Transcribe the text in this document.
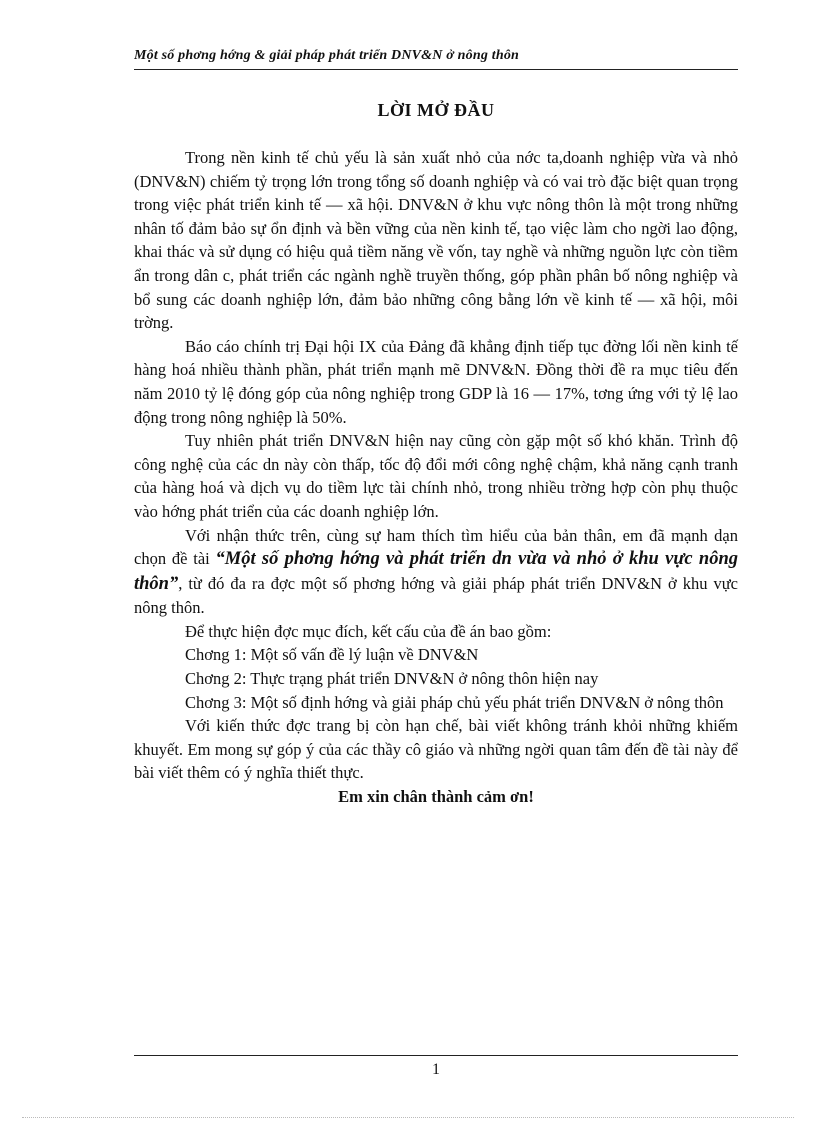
Một số phơng hớng & giải pháp phát triển DNV&N ở nông thôn
LỜI MỞ ĐẦU

Trong nền kinh tế chủ yếu là sản xuất nhỏ của nớc ta,doanh nghiệp vừa và nhỏ (DNV&N) chiếm tỷ trọng lớn trong tổng số doanh nghiệp và có vai trò đặc biệt quan trọng trong việc phát triển kinh tế — xã hội. DNV&N ở khu vực nông thôn là một trong những nhân tố đảm bảo sự ổn định và bền vững của nền kinh tế, tạo việc làm cho ngời lao động, khai thác và sử dụng có hiệu quả tiềm năng về vốn, tay nghề và những nguồn lực còn tiềm ẩn trong dân c, phát triển các ngành nghề truyền thống, góp phần phân bố nông nghiệp và bổ sung các doanh nghiệp lớn, đảm bảo những công bằng lớn về kinh tế — xã hội, môi trờng.

Báo cáo chính trị Đại hội IX của Đảng đã khẳng định tiếp tục đờng lối nền kinh tế hàng hoá nhiều thành phần, phát triển mạnh mẽ DNV&N. Đồng thời đề ra mục tiêu đến năm 2010 tỷ lệ đóng góp của nông nghiệp trong GDP là 16 — 17%, tơng ứng với tỷ lệ lao động trong nông nghiệp là 50%.

Tuy nhiên phát triển DNV&N hiện nay cũng còn gặp một số khó khăn. Trình độ công nghệ của các dn này còn thấp, tốc độ đổi mới công nghệ chậm, khả năng cạnh tranh của hàng hoá và dịch vụ do tiềm lực tài chính nhỏ, trong nhiều trờng hợp còn phụ thuộc vào hớng phát triển của các doanh nghiệp lớn.

Với nhận thức trên, cùng sự ham thích tìm hiểu của bản thân, em đã mạnh dạn chọn đề tài “Một số phơng hớng và phát triển dn vừa và nhỏ ở khu vực nông thôn”, từ đó đa ra đợc một số phơng hớng và giải pháp phát triển DNV&N ở khu vực nông thôn.

Để thực hiện đợc mục đích, kết cấu của đề án bao gồm:

Chơng 1: Một số vấn đề lý luận về DNV&N

Chơng 2: Thực trạng phát triển DNV&N ở nông thôn hiện nay

Chơng 3: Một số định hớng và giải pháp chủ yếu phát triển DNV&N ở nông thôn

Với kiến thức đợc trang bị còn hạn chế, bài viết không tránh khỏi những khiếm khuyết. Em mong sự góp ý của các thầy cô giáo và những ngời quan tâm đến đề tài này để bài viết thêm có ý nghĩa thiết thực.

Em xin chân thành cảm ơn!

1
